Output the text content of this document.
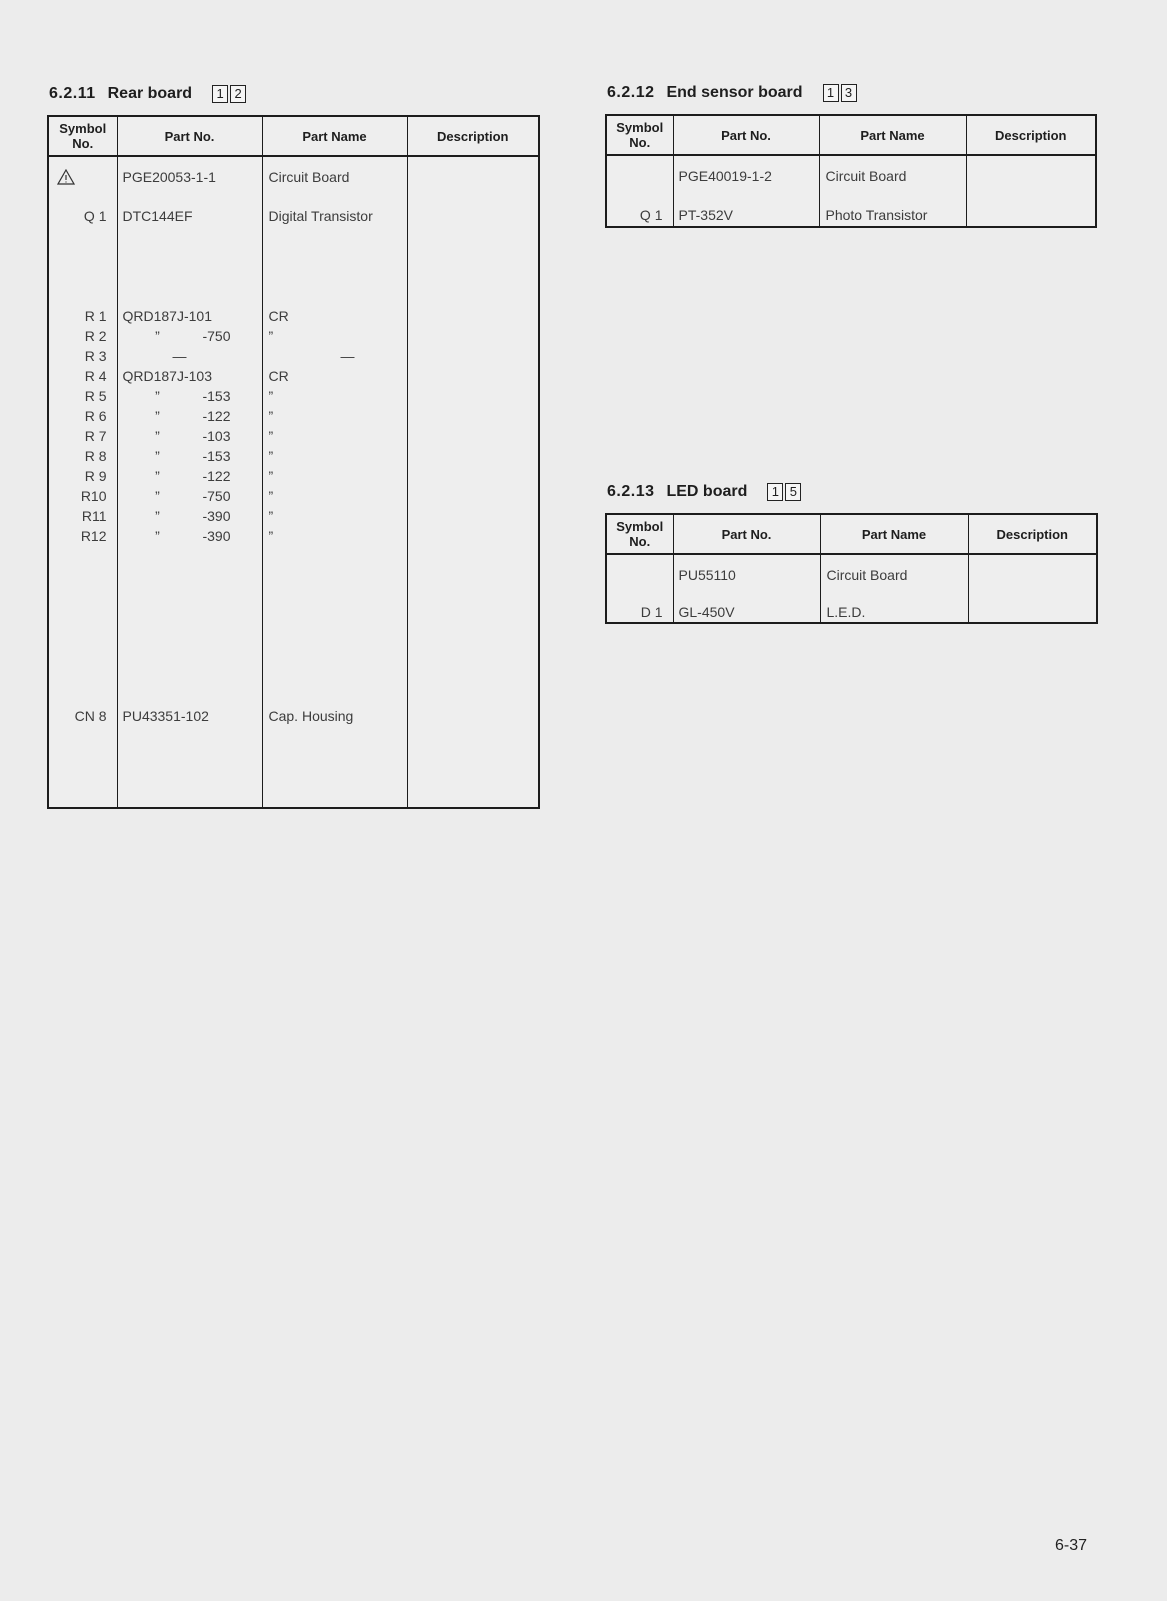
6.2.11 Rear board	1 2
Symbol
No.	Part No.	Part Name	Description
	PGE20053-1-1	Circuit Board	

Q 1	DTC144EF	Digital Transistor	

R 1	QRD187J-101	CR	
R 2	” -750	”	
R 3	—	—	
R 4	QRD187J-103	CR	
R 5	” -153	”	
R 6	” -122	”	
R 7	” -103	”	
R 8	” -153	”	
R 9	” -122	”	
R10	” -750	”	
R11	” -390	”	
R12	” -390	”	

CN 8	PU43351-102	Cap. Housing	

6.2.12 End sensor board	1 3
Symbol
No.	Part No.	Part Name	Description
	PGE40019-1-2	Circuit Board	

Q 1	PT-352V	Photo Transistor	
6.2.13 LED board	1 5
Symbol
No.	Part No.	Part Name	Description
	PU55110	Circuit Board	

D 1	GL-450V	L.E.D.	
6-37
